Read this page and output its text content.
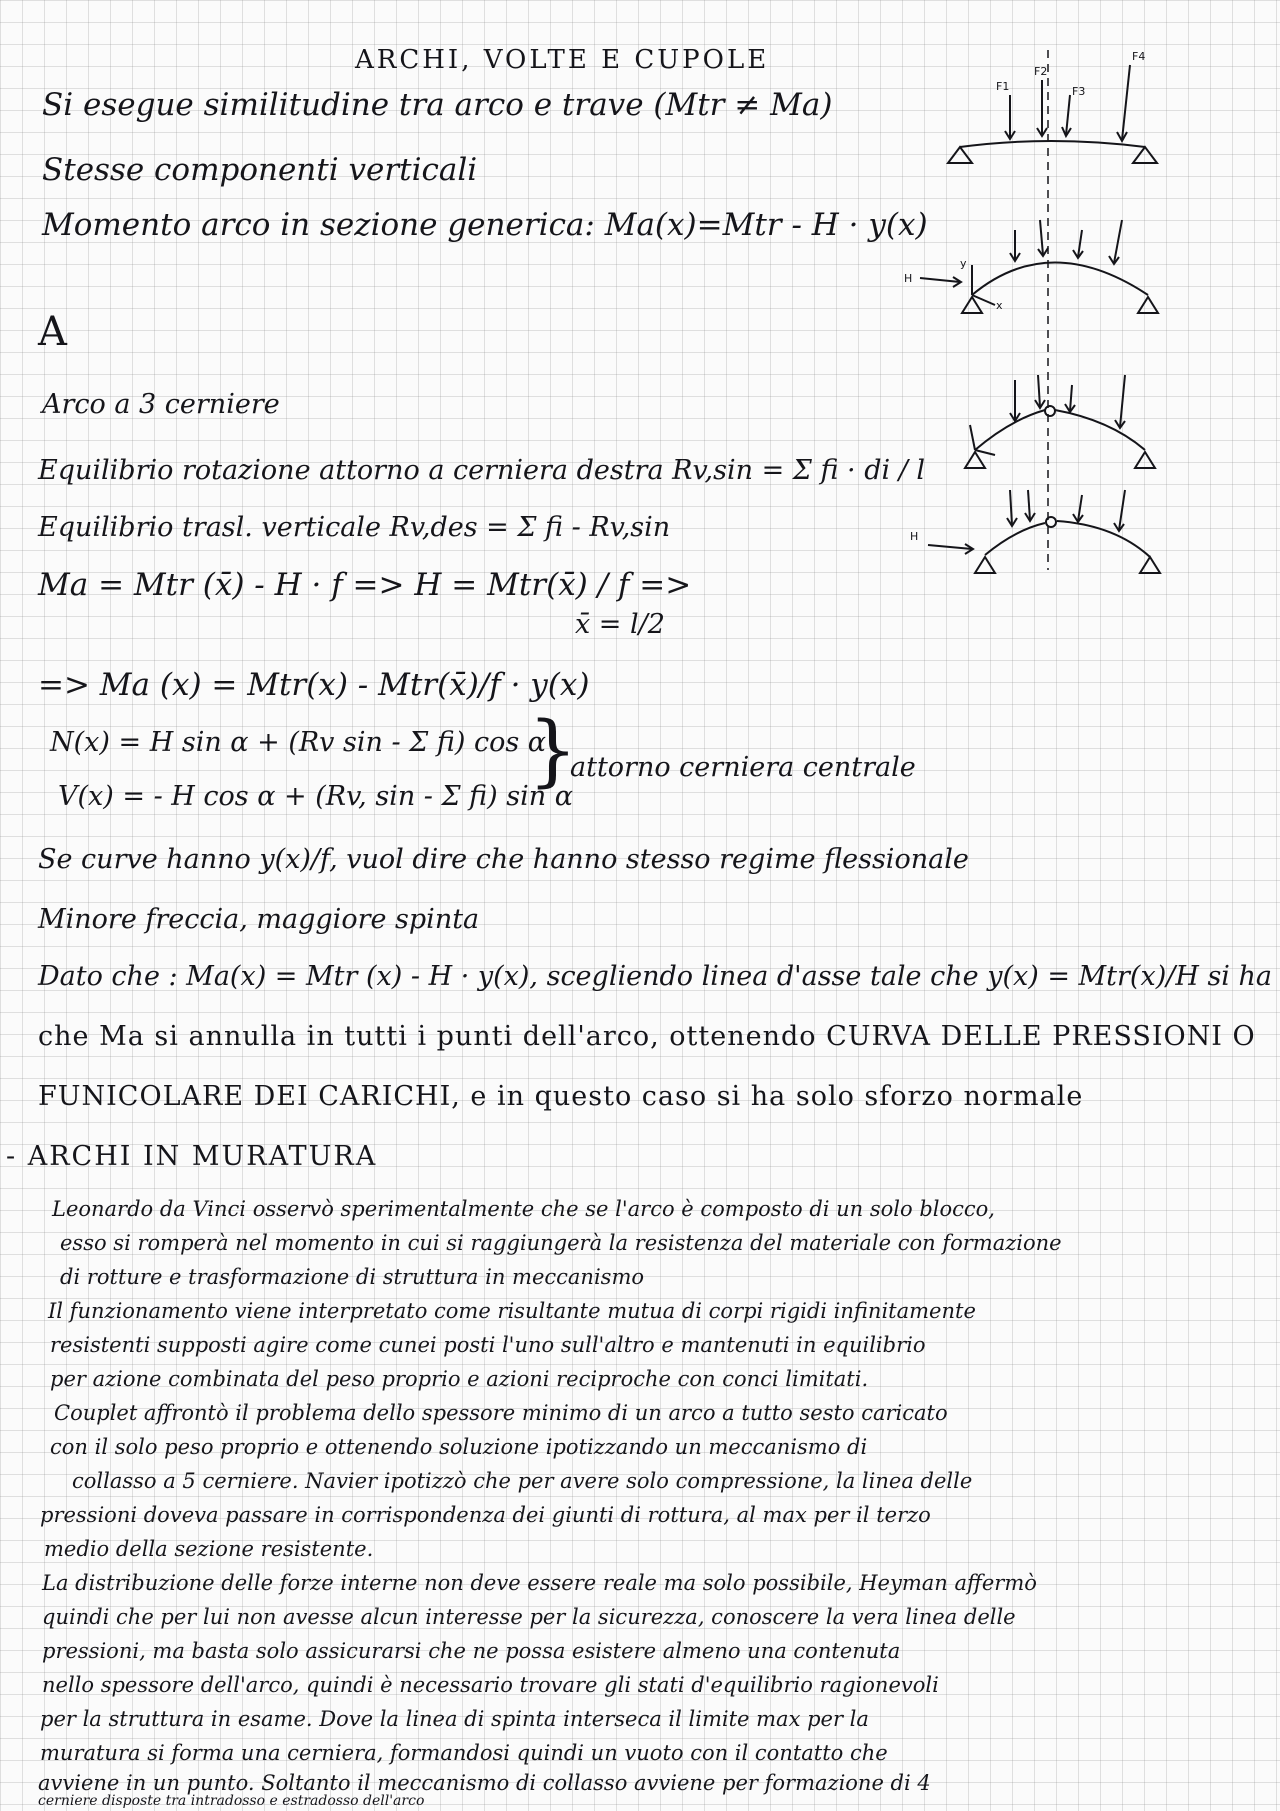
ARCHI, VOLTE E CUPOLE
Si esegue similitudine tra arco e trave (Mtr ≠ Ma)
Stesse componenti verticali
Momento arco in sezione generica: Ma(x)=Mtr - H · y(x)
A
Arco a 3 cerniere
Equilibrio rotazione attorno a cerniera destra Rv,sin = Σ fi · di / l
Equilibrio trasl. verticale Rv,des = Σ fi - Rv,sin
Ma = Mtr (x̄) - H · f => H = Mtr(x̄) / f =>
x̄ = l/2
=> Ma (x) = Mtr(x) - Mtr(x̄)/f · y(x)
N(x) = H sin α + (Rv sin - Σ fi) cos α
V(x) = - H cos α + (Rv, sin - Σ fi) sin α
}
attorno cerniera centrale
Se curve hanno y(x)/f, vuol dire che hanno stesso regime flessionale
Minore freccia, maggiore spinta
Dato che : Ma(x) = Mtr (x) - H · y(x), scegliendo linea d'asse tale che y(x) = Mtr(x)/H si ha
che Ma si annulla in tutti i punti dell'arco, ottenendo CURVA DELLE PRESSIONI O
FUNICOLARE DEI CARICHI, e in questo caso si ha solo sforzo normale
- ARCHI IN MURATURA
Leonardo da Vinci osservò sperimentalmente che se l'arco è composto di un solo blocco,
esso si romperà nel momento in cui si raggiungerà la resistenza del materiale con formazione
di rotture e trasformazione di struttura in meccanismo
Il funzionamento viene interpretato come risultante mutua di corpi rigidi infinitamente
resistenti supposti agire come cunei posti l'uno sull'altro e mantenuti in equilibrio
per azione combinata del peso proprio e azioni reciproche con conci limitati.
Couplet affrontò il problema dello spessore minimo di un arco a tutto sesto caricato
con il solo peso proprio e ottenendo soluzione ipotizzando un meccanismo di
collasso a 5 cerniere. Navier ipotizzò che per avere solo compressione, la linea delle
pressioni doveva passare in corrispondenza dei giunti di rottura, al max per il terzo
medio della sezione resistente.
La distribuzione delle forze interne non deve essere reale ma solo possibile, Heyman affermò
quindi che per lui non avesse alcun interesse per la sicurezza, conoscere la vera linea delle
pressioni, ma basta solo assicurarsi che ne possa esistere almeno una contenuta
nello spessore dell'arco, quindi è necessario trovare gli stati d'equilibrio ragionevoli
per la struttura in esame. Dove la linea di spinta interseca il limite max per la
muratura si forma una cerniera, formandosi quindi un vuoto con il contatto che
avviene in un punto. Soltanto il meccanismo di collasso avviene per formazione di 4
cerniere disposte tra intradosso e estradosso dell'arco
F1
F2
F3
F4
H
y
x
H
